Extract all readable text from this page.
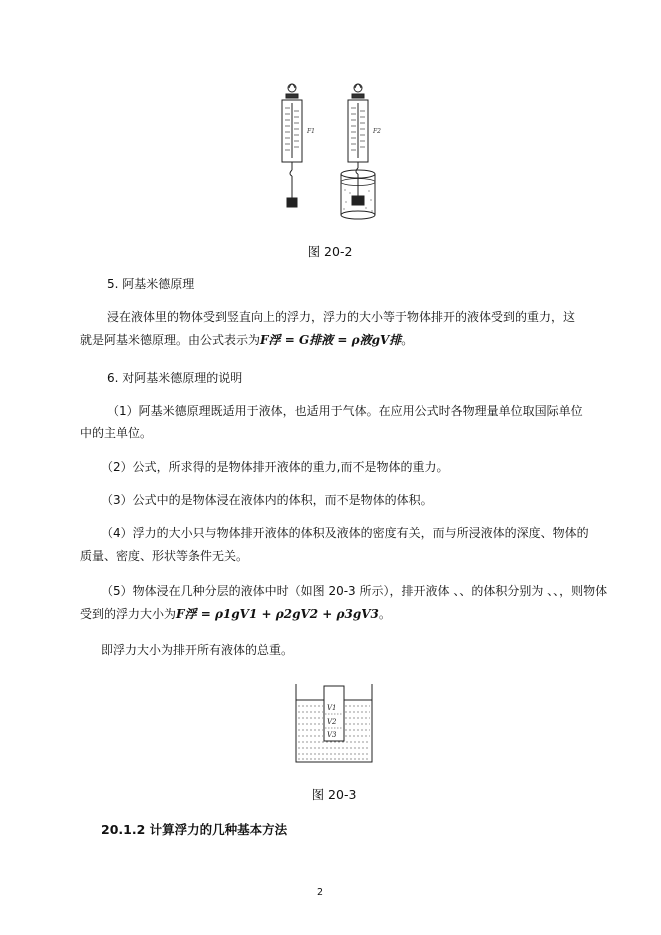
F1	F2
图 20-2
5. 阿基米德原理
浸在液体里的物体受到竖直向上的浮力，浮力的大小等于物体排开的液体受到的重力，这
就是阿基米德原理。由公式表示为F浮 = G排液 = ρ液gV排。
6. 对阿基米德原理的说明
（1）阿基米德原理既适用于液体，也适用于气体。在应用公式时各物理量单位取国际单位
中的主单位。
（2）公式，所求得的是物体排开液体的重力,而不是物体的重力。
（3）公式中的是物体浸在液体内的体积，而不是物体的体积。
（4）浮力的大小只与物体排开液体的体积及液体的密度有关，而与所浸液体的深度、物体的
质量、密度、形状等条件无关。
（5）物体浸在几种分层的液体中时（如图 20-3 所示），排开液体 、、的体积分别为 、、，则物体
受到的浮力大小为F浮 = ρ1gV1 + ρ2gV2 + ρ3gV3。
即浮力大小为排开所有液体的总重。
V1
V2
V3
图 20-3
20.1.2 计算浮力的几种基本方法
2
